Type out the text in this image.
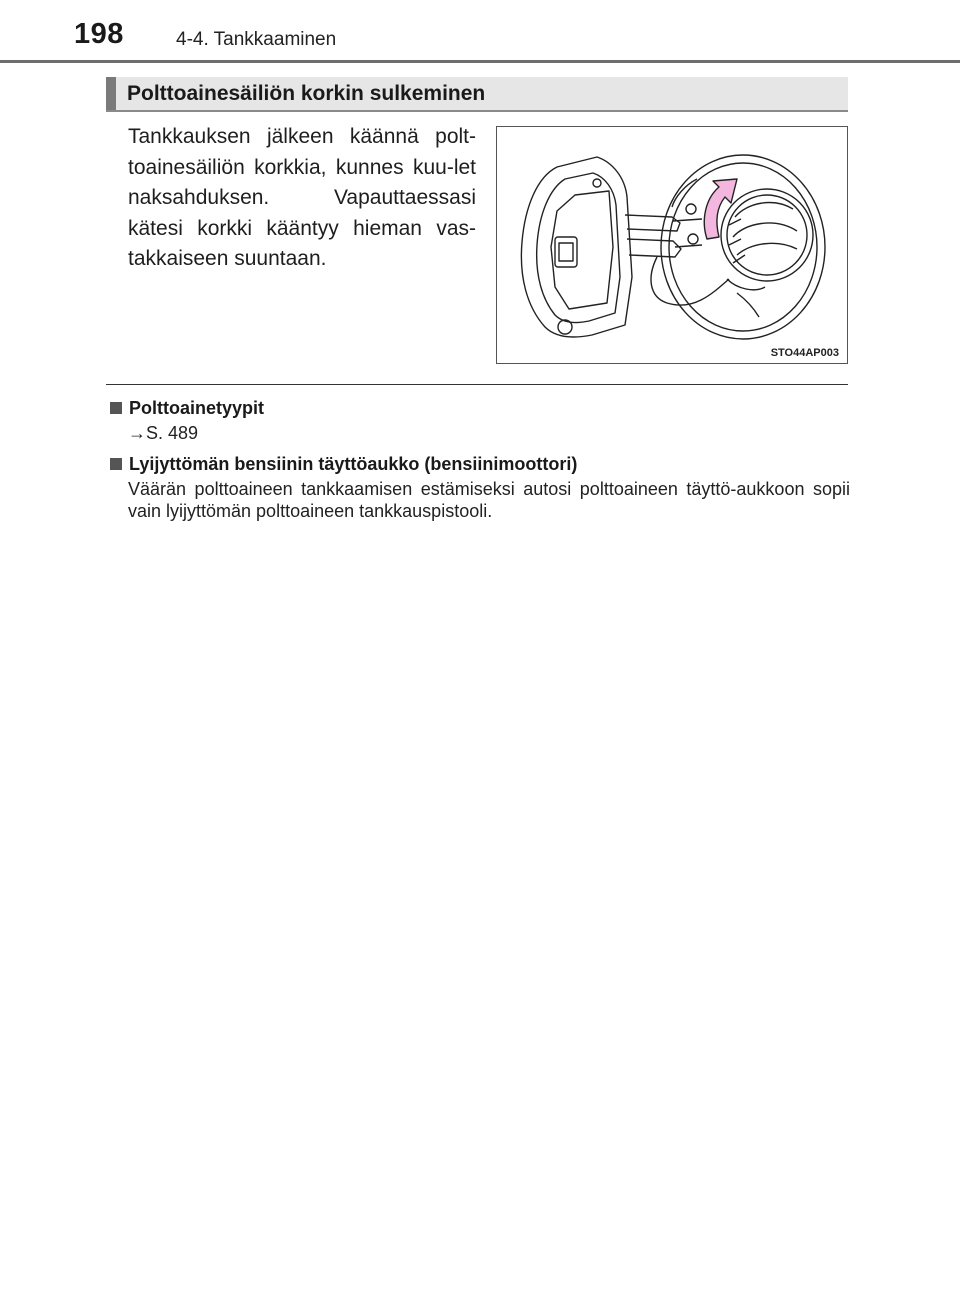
198	4-4. Tankkaaminen
Polttoainesäiliön korkin sulkeminen
Tankkauksen jälkeen käännä polt-toainesäiliön korkkia, kunnes kuu-let naksahduksen. Vapauttaessasi kätesi korkki kääntyy hieman vas-takkaiseen suuntaan.
STO44AP003
Polttoainetyypit
→S. 489
Lyijyttömän bensiinin täyttöaukko (bensiinimoottori)
Väärän polttoaineen tankkaamisen estämiseksi autosi polttoaineen täyttö-aukkoon sopii vain lyijyttömän polttoaineen tankkauspistooli.
